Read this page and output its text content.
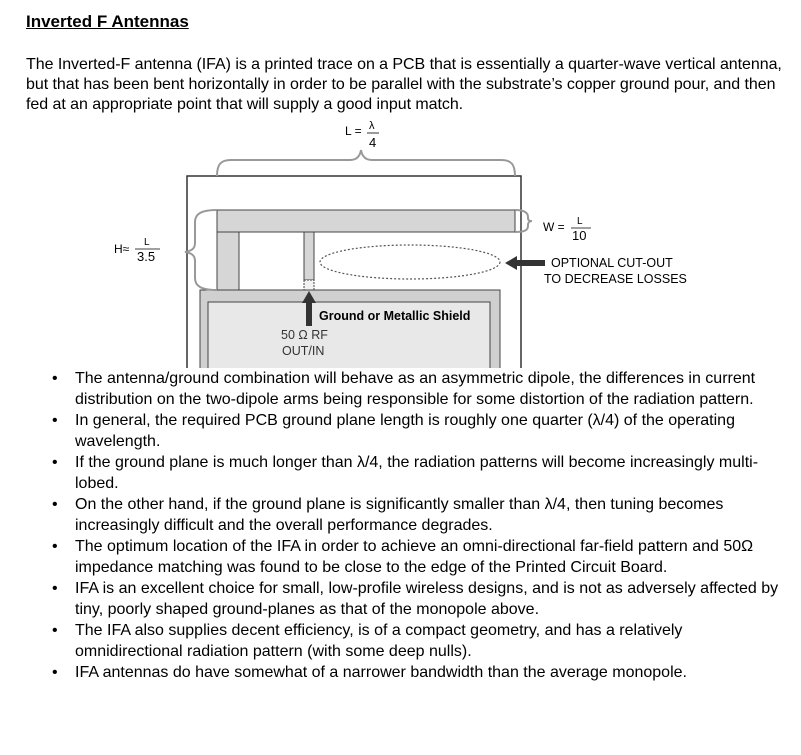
Inverted F Antennas

The Inverted-F antenna (IFA) is a printed trace on a PCB that is essentially a quarter-wave vertical antenna, but that has been bent horizontally in order to be parallel with the substrate’s copper ground pour, and then fed at an appropriate point that will supply a good input match.

L = λ
4
H≈ L
3.5
W = L
10
OPTIONAL CUT-OUT
TO DECREASE LOSSES
Ground or Metallic Shield
50 Ω RF
OUT/IN
• The antenna/ground combination will behave as an asymmetric dipole, the differences in current distribution on the two-dipole arms being responsible for some distortion of the radiation pattern.
• In general, the required PCB ground plane length is roughly one quarter (λ/4) of the operating wavelength.
• If the ground plane is much longer than λ/4, the radiation patterns will become increasingly multi-lobed.
• On the other hand, if the ground plane is significantly smaller than λ/4, then tuning becomes increasingly difficult and the overall performance degrades.
• The optimum location of the IFA in order to achieve an omni-directional far-field pattern and 50Ω impedance matching was found to be close to the edge of the Printed Circuit Board.
• IFA is an excellent choice for small, low-profile wireless designs, and is not as adversely affected by tiny, poorly shaped ground-planes as that of the monopole above.
• The IFA also supplies decent efficiency, is of a compact geometry, and has a relatively omnidirectional radiation pattern (with some deep nulls).
• IFA antennas do have somewhat of a narrower bandwidth than the average monopole.
